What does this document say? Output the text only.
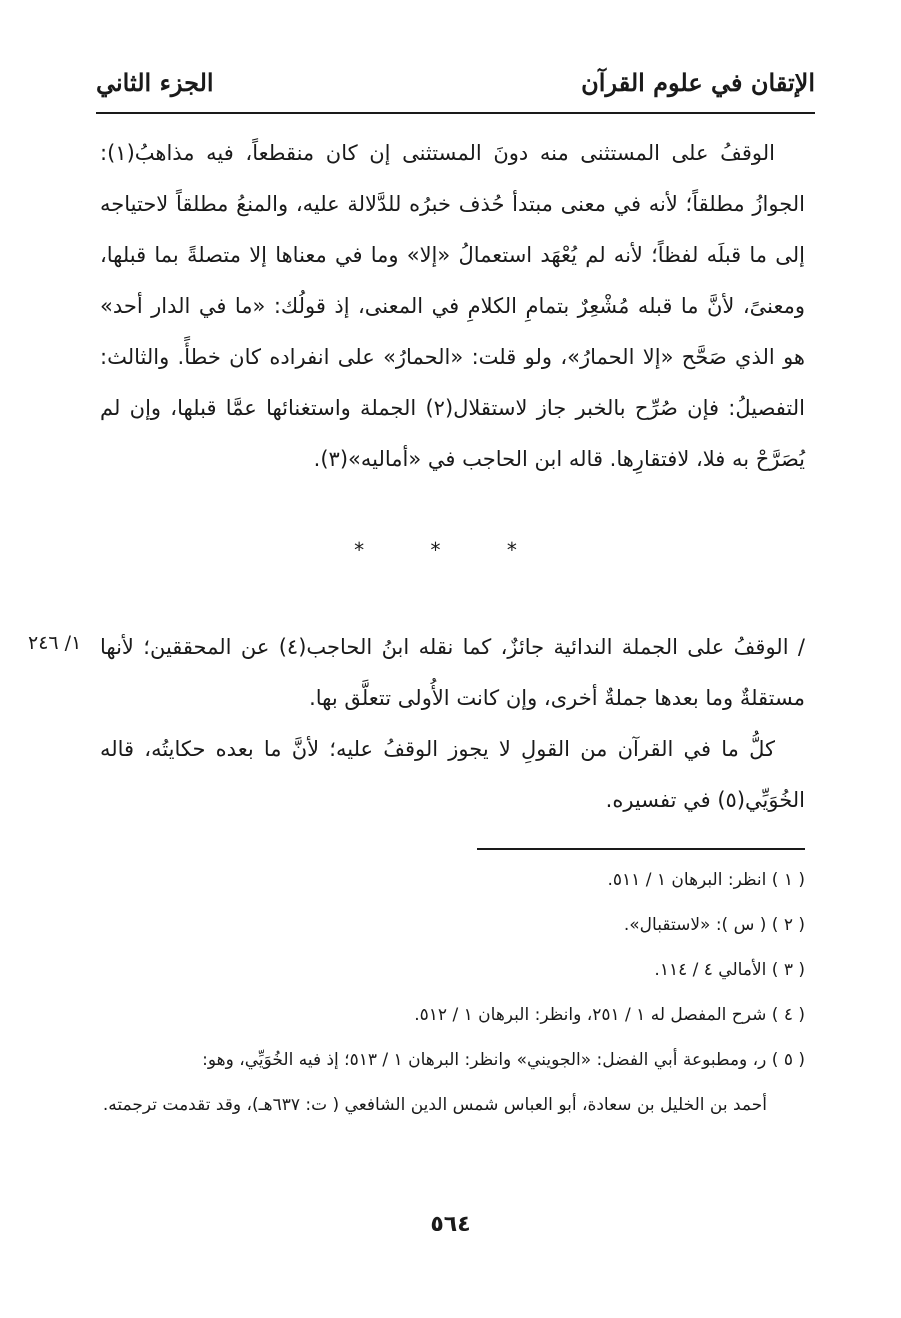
الإتقان في علوم القرآن
الجزء الثاني

الوقفُ على المستثنى منه دونَ المستثنى إن كان منقطعاً، فيه مذاهبُ(١): الجوازُ مطلقاً؛ لأنه في معنى مبتدأ حُذف خبرُه للدَّلالة عليه، والمنعُ مطلقاً لاحتياجه إلى ما قبلَه لفظاً؛ لأنه لم يُعْهَد استعمالُ «إلا» وما في معناها إلا متصلةً بما قبلها، ومعنىً، لأنَّ ما قبله مُشْعِرٌ بتمامِ الكلامِ في المعنى، إذ قولُك: «ما في الدار أحد» هو الذي صَحَّح «إلا الحمارُ»، ولو قلت: «الحمارُ» على انفراده كان خطأً. والثالث: التفصيلُ: فإن صُرِّح بالخبر جاز لاستقلال(٢) الجملة واستغنائها عمَّا قبلها، وإن لم يُصَرَّحْ به فلا، لافتقارِها. قاله ابن الحاجب في «أماليه»(٣).

* * *
١/ ٢٤٦ / الوقفُ على الجملة الندائية جائزٌ، كما نقله ابنُ الحاجب(٤) عن المحققين؛ لأنها مستقلةٌ وما بعدها جملةٌ أخرى، وإن كانت الأُولى تتعلَّق بها.

كلُّ ما في القرآن من القولِ لا يجوز الوقفُ عليه؛ لأنَّ ما بعده حكايتُه، قاله الخُوَيِّي(٥) في تفسيره.

( ١ ) انظر: البرهان ١ / ٥١١.

( ٢ ) ( س ): «لاستقبال».

( ٣ ) الأمالي ٤ / ١١٤.

( ٤ ) شرح المفصل له ١ / ٢٥١، وانظر: البرهان ١ / ٥١٢.

( ٥ ) ر، ومطبوعة أبي الفضل: «الجويني» وانظر: البرهان ١ / ٥١٣؛ إذ فيه الخُوَيِّي، وهو:

أحمد بن الخليل بن سعادة، أبو العباس شمس الدين الشافعي ( ت: ٦٣٧هـ)، وقد تقدمت ترجمته.

٥٦٤
